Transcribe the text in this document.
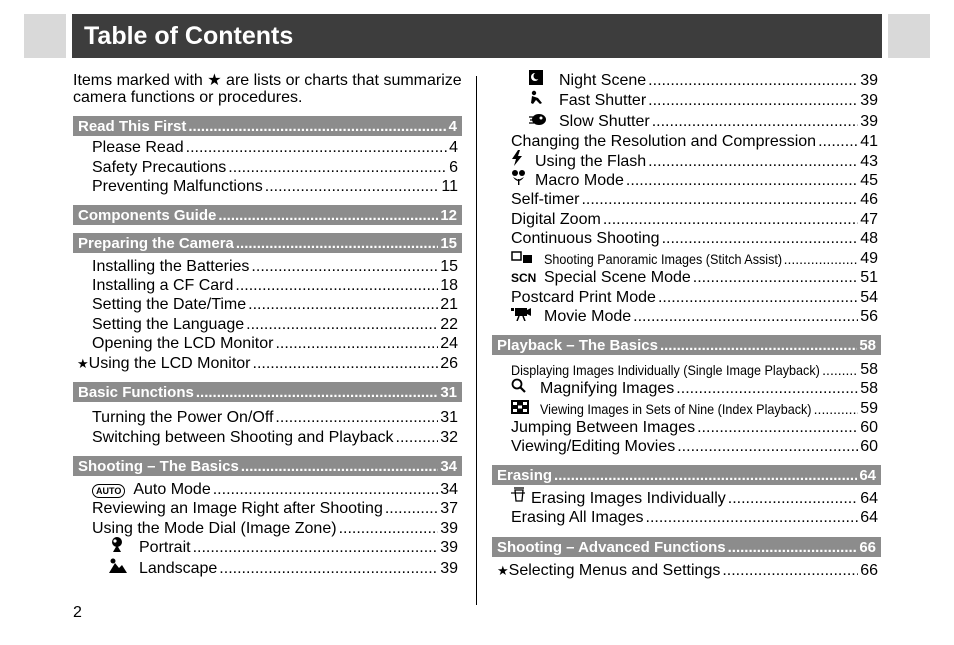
Table of Contents
Items marked with ★ are lists or charts that summarize camera functions or procedures.
Read This First .....	4
Please Read .....	4
Safety Precautions .....	6
Preventing Malfunctions .....	11
Components Guide .....	12
Preparing the Camera .....	15
Installing the Batteries .....	15
Installing a CF Card .....	18
Setting the Date/Time .....	21
Setting the Language .....	22
Opening the LCD Monitor .....	24
★ Using the LCD Monitor .....	26
Basic Functions .....	31
Turning the Power On/Off .....	31
Switching between Shooting and Playback .....	32
Shooting – The Basics .....	34
AUTO Auto Mode .....	34
Reviewing an Image Right after Shooting .....	37
Using the Mode Dial (Image Zone) .....	39
Portrait .....	39
Landscape .....	39
Night Scene .....	39
Fast Shutter .....	39
Slow Shutter .....	39
Changing the Resolution and Compression .....	41
Using the Flash .....	43
Macro Mode .....	45
Self-timer .....	46
Digital Zoom .....	47
Continuous Shooting .....	48
Shooting Panoramic Images (Stitch Assist) .....	49
SCN Special Scene Mode .....	51
Postcard Print Mode .....	54
Movie Mode .....	56
Playback – The Basics .....	58
Displaying Images Individually (Single Image Playback) .....	58
Magnifying Images .....	58
Viewing Images in Sets of Nine (Index Playback) .....	59
Jumping Between Images .....	60
Viewing/Editing Movies .....	60
Erasing .....	64
Erasing Images Individually .....	64
Erasing All Images .....	64
Shooting – Advanced Functions .....	66
★ Selecting Menus and Settings .....	66
2
